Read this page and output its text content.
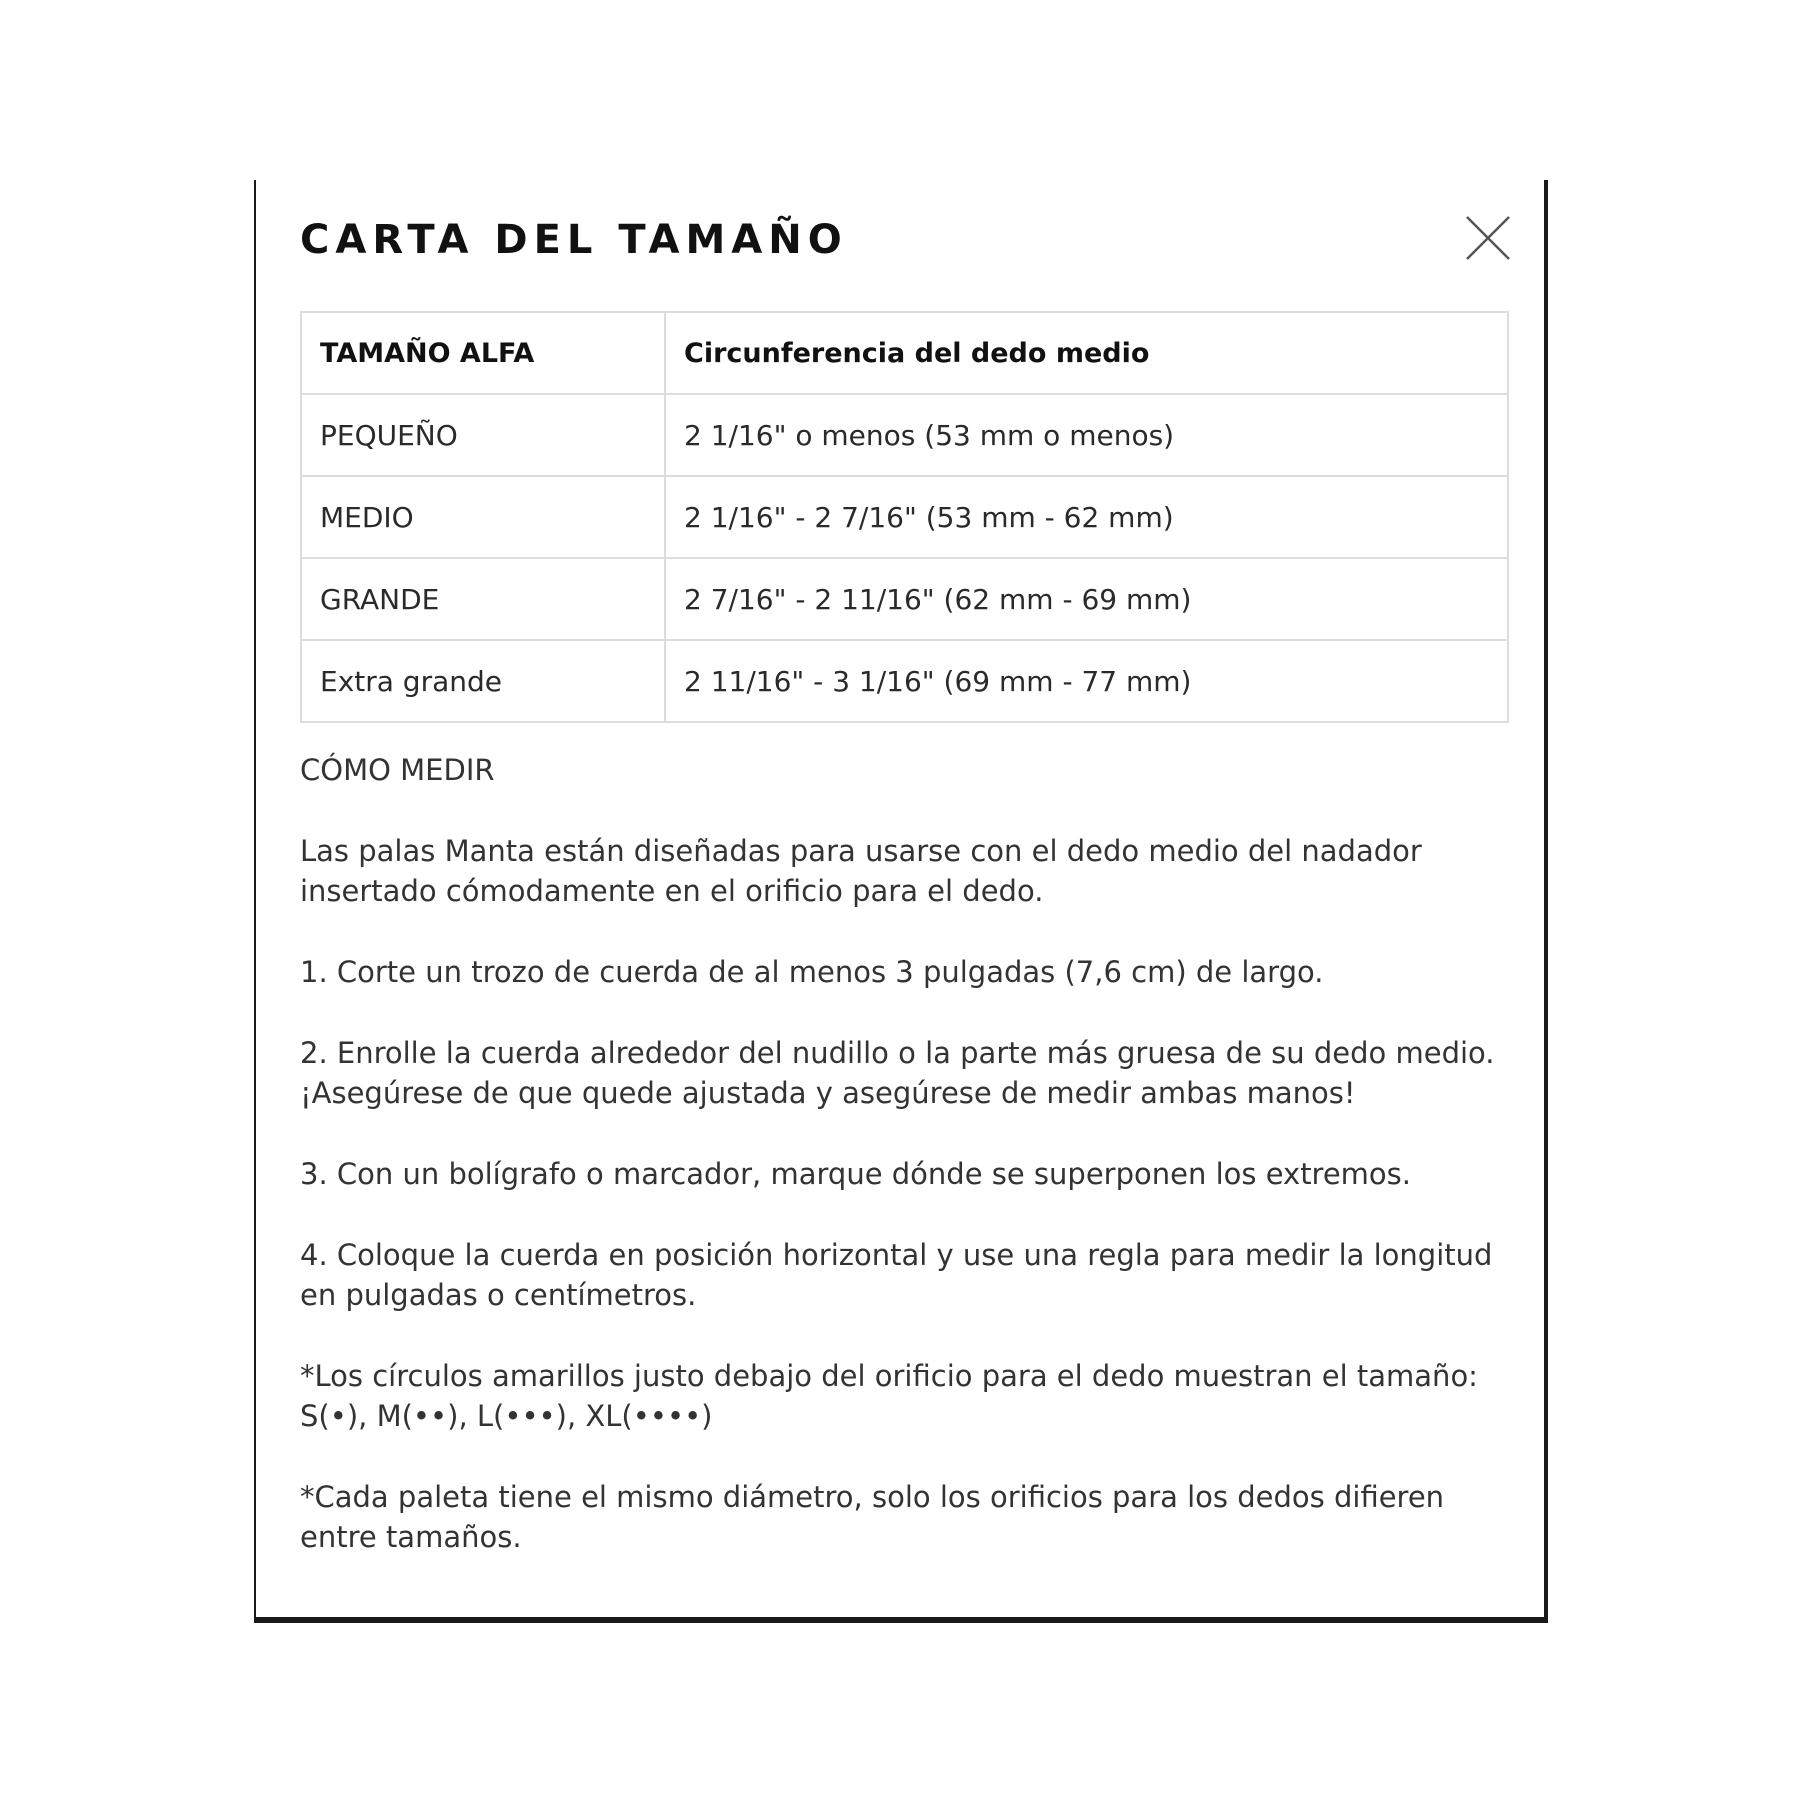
CARTA DEL TAMAÑO
TAMAÑO ALFA	Circunferencia del dedo medio
PEQUEÑO	2 1/16" o menos (53 mm o menos)
MEDIO	2 1/16" - 2 7/16" (53 mm - 62 mm)
GRANDE	2 7/16" - 2 11/16" (62 mm - 69 mm)
Extra grande	2 11/16" - 3 1/16" (69 mm - 77 mm)

CÓMO MEDIR

Las palas Manta están diseñadas para usarse con el dedo medio del nadador
insertado cómodamente en el orificio para el dedo.

1. Corte un trozo de cuerda de al menos 3 pulgadas (7,6 cm) de largo.

2. Enrolle la cuerda alrededor del nudillo o la parte más gruesa de su dedo medio.
¡Asegúrese de que quede ajustada y asegúrese de medir ambas manos!

3. Con un bolígrafo o marcador, marque dónde se superponen los extremos.

4. Coloque la cuerda en posición horizontal y use una regla para medir la longitud
en pulgadas o centímetros.

*Los círculos amarillos justo debajo del orificio para el dedo muestran el tamaño:
S(•), M(••), L(•••), XL(••••)

*Cada paleta tiene el mismo diámetro, solo los orificios para los dedos difieren
entre tamaños.
